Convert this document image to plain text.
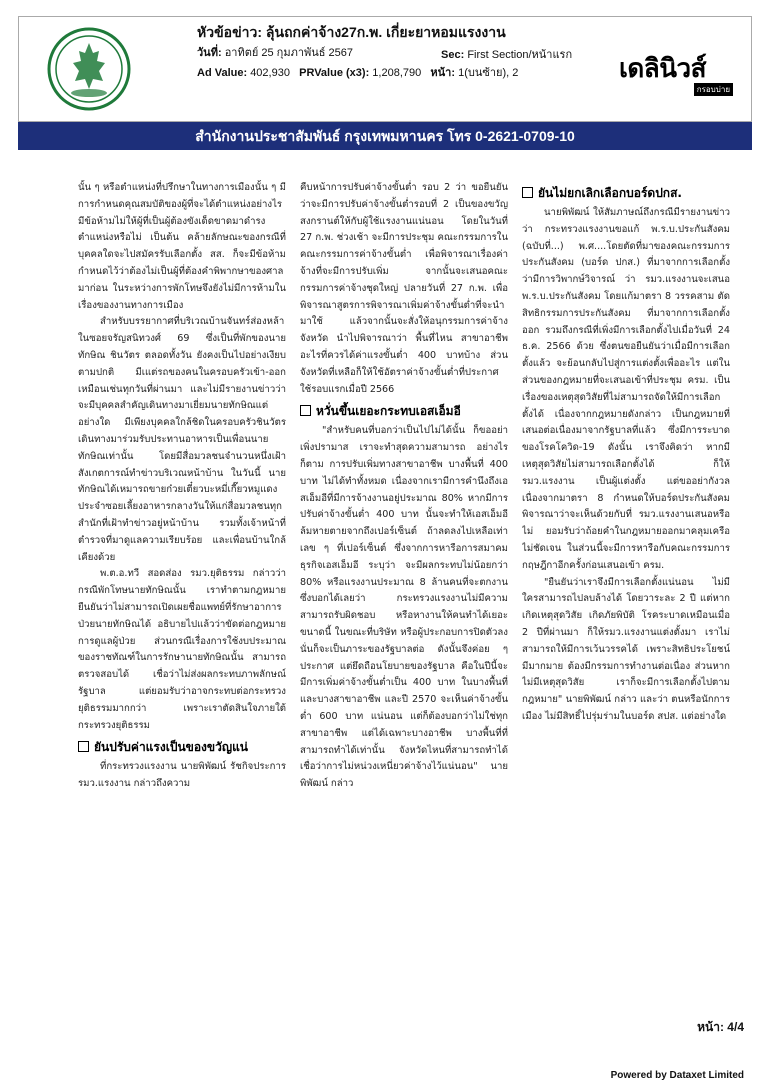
หัวข้อข่าว: ลุ้นถกค่าจ้าง27ก.พ. เกี่ยะยาหอมแรงงาน
วันที่: อาทิตย์ 25 กุมภาพันธ์ 2567	Sec: First Section/หน้าแรก
Ad Value: 402,930 PRValue (x3): 1,208,790 หน้า: 1(บนซ้าย), 2	เดลินิวส์
กรอบบ่าย
สำนักงานประชาสัมพันธ์ กรุงเทพมหานคร โทร 0-2621-0709-10

นั้น ๆ หรือตำแหน่งที่ปรึกษาในทางการเมืองนั้น ๆ มีการกำหนดคุณสมบัติของผู้ที่จะได้ตำแหน่งอย่างไร มีข้อห้ามไม่ให้ผู้ที่เป็นผู้ต้องขังเด็ดขาดมาดำรงตำแหน่งหรือไม่ เป็นต้น คล้ายลักษณะของกรณีที่บุคคลใดจะไปสมัครรับเลือกตั้ง สส. ก็จะมีข้อห้ามกำหนดไว้ว่าต้องไม่เป็นผู้ที่ต้องคำพิพากษาของศาลมาก่อน ในระหว่างการพักโทษจึงยังไม่มีการห้ามในเรื่องของงานทางการเมือง

สำหรับบรรยากาศที่บริเวณบ้านจันทร์ส่องหล้า ในซอยจรัญสนิทวงศ์ 69 ซึ่งเป็นที่พักของนายทักษิณ ชินวัตร ตลอดทั้งวัน ยังคงเป็นไปอย่างเงียบตามปกติ มีเแต่รถของคนในครอบครัวเข้า-ออก เหมือนเช่นทุกวันที่ผ่านมา และไม่มีรายงานข่าวว่า จะมีบุคคลสำคัญเดินทางมาเยี่ยมนายทักษิณแต่อย่างใด มีเพียงบุคคลใกล้ชิดในครอบครัวชินวัตรเดินทางมาร่วมรับประทานอาหารเป็นเพื่อนนายทักษิณเท่านั้น โดยมีสื่อมวลชนจำนวนหนึ่งเฝ้าสังเกตการณ์ทำข่าวบริเวณหน้าบ้าน ในวันนี้ นายทักษิณได้เหมารถขายก๋วยเตี๋ยวบะหมี่เกี๊ยวหมูแดงประจำซอยเลี้ยงอาหารกลางวันให้แก่สื่อมวลชนทุกสำนักที่เฝ้าทำข่าวอยู่หน้าบ้าน รวมทั้งเจ้าหน้าที่ตำรวจที่มาดูแลความเรียบร้อย และเพื่อนบ้านใกล้เคียงด้วย

พ.ต.อ.ทวี สอดส่อง รมว.ยุติธรรม กล่าวว่า กรณีพักโทษนายทักษิณนั้น เราทำตามกฎหมาย ยืนยันว่าไม่สามารถเปิดเผยชื่อแพทย์ที่รักษาอาการป่วยนายทักษิณได้ อธิบายไปแล้วว่าขัดต่อกฎหมายการดูแลผู้ป่วย ส่วนกรณีเรื่องการใช้งบประมาณของราชทัณฑ์ในการรักษานายทักษิณนั้น สามารถตรวจสอบได้ เชื่อว่าไม่ส่งผลกระทบภาพลักษณ์รัฐบาล แต่ยอมรับว่าอาจกระทบต่อกระทรวงยุติธรรมมากกว่า เพราะเราตัดสินใจภายใต้กระทรวงยุติธรรม

ยันปรับค่าแรงเป็นของขวัญแน่

ที่กระทรวงแรงงาน นายพิพัฒน์ รัชกิจประการ รมว.แรงงาน กล่าวถึงความ

คืบหน้าการปรับค่าจ้างขั้นต่ำ รอบ 2 ว่า ขอยืนยันว่าจะมีการปรับค่าจ้างขั้นต่ำรอบที่ 2 เป็นของขวัญสงกรานต์ให้กับผู้ใช้แรงงานแน่นอน โดยในวันที่ 27 ก.พ. ช่วงเช้า จะมีการประชุม คณะกรรมการในคณะกรรมการค่าจ้างขั้นต่ำ เพื่อพิจารณาเรื่องค่าจ้างที่จะมีการปรับเพิ่ม จากนั้นจะเสนอคณะกรรมการค่าจ้างชุดใหญ่ ปลายวันที่ 27 ก.พ. เพื่อพิจารณาสูตรการพิจารณาเพิ่มค่าจ้างขั้นต่ำที่จะนำมาใช้ แล้วจากนั้นจะสั่งให้อนุกรรมการค่าจ้างจังหวัด นำไปพิจารณาว่า พื้นที่ไหน สาขาอาชีพอะไรที่ควรได้ค่าแรงขั้นต่ำ 400 บาทบ้าง ส่วนจังหวัดที่เหลือก็ให้ใช้อัตราค่าจ้างขั้นต่ำที่ประกาศใช้รอบแรกเมื่อปี 2566

หวั่นขึ้นเยอะกระทบเอสเอ็มอี

"สำหรับคนที่บอกว่าเป็นไปไม่ได้นั้น ก็ขออย่าเพิ่งปรามาส เราจะทำสุดความสามารถ อย่างไรก็ตาม การปรับเพิ่มทางสาขาอาชีพ บางพื้นที่ 400 บาท ไม่ได้ทำทั้งหมด เนื่องจากเรามีการคำนึงถึงเอสเอ็มอีที่มีการจ้างงานอยู่ประมาณ 80% หากมีการปรับค่าจ้างขั้นต่ำ 400 บาท นั้นจะทำให้เอสเอ็มอีล้มหายตายจากถึงเปอร์เซ็นต์ ถ้าลดลงไปเหลือเท่าเลข ๆ ที่เปอร์เซ็นต์ ซึ่งจากการหารือการสมาคมธุรกิจเอสเอ็มอี ระบุว่า จะมีผลกระทบไม่น้อยกว่า 80% หรือแรงงานประมาณ 8 ล้านคนที่จะตกงาน ซึ่งบอกได้เลยว่า กระทรวงแรงงานไม่มีความสามารถรับผิดชอบ หรือหางานให้คนทำได้เยอะขนาดนี้ ในขณะที่บริษัท หรือผู้ประกอบการปิดตัวลง นั่นก็จะเป็นภาระของรัฐบาลต่อ ดังนั้นจึงค่อย ๆ ประกาศ แต่ยึดถือนโยบายของรัฐบาล คือในปีนี้จะมีการเพิ่มค่าจ้างขั้นต่ำเป็น 400 บาท ในบางพื้นที่ และบางสาขาอาชีพ และปี 2570 จะเห็นค่าจ้างขั้นต่ำ 600 บาท แน่นอน แต่ก็ต้องบอกว่าไม่ใช่ทุกสาขาอาชีพ แต่ได้เฉพาะบางอาชีพ บางพื้นที่ที่สามารถทำได้เท่านั้น จังหวัดไหนที่สามารถทำได้ เชื่อว่าการไม่หน่วงเหนี่ยวค่าจ้างไว้แน่นอน" นายพิพัฒน์ กล่าว

ยันไม่ยกเลิกเลือกบอร์ดปกส.

นายพิพัฒน์ ให้สัมภาษณ์ถึงกรณีมีรายงานข่าวว่า กระทรวงแรงงานขอแก้ พ.ร.บ.ประกันสังคม (ฉบับที่...) พ.ศ....โดยตัดที่มาของคณะกรรมการประกันสังคม (บอร์ด ปกส.) ที่มาจากการเลือกตั้ง ว่ามีการวิพากษ์วิจารณ์ ว่า รมว.แรงงานจะเสนอ พ.ร.บ.ประกันสังคม โดยแก้มาตรา 8 วรรคสาม ตัดสิทธิกรรมการประกันสังคม ที่มาจากการเลือกตั้งออก รวมถึงกรณีที่เพิ่งมีการเลือกตั้งไปเมื่อวันที่ 24 ธ.ค. 2566 ด้วย ซึ่งตนขอยืนยันว่าเมื่อมีการเลือกตั้งแล้ว จะย้อนกลับไปสู่การแต่งตั้งเพื่ออะไร แต่ในส่วนของกฎหมายที่จะเสนอเข้าที่ประชุม ครม. เป็นเรื่องของเหตุสุดวิสัยที่ไม่สามารถจัดให้มีการเลือกตั้งได้ เนื่องจากกฎหมายดังกล่าว เป็นกฎหมายที่เสนอต่อเนื่องมาจากรัฐบาลที่แล้ว ซึ่งมีการระบาดของโรคโควิด-19 ดังนั้น เราจึงคิดว่า หากมีเหตุสุดวิสัยไม่สามารถเลือกตั้งได้ ก็ให้ รมว.แรงงาน เป็นผู้แต่งตั้ง แต่ขออย่ากังวล เนื่องจากมาตรา 8 กำหนดให้บอร์ดประกันสังคมพิจารณาว่าจะเห็นด้วยกับที่ รมว.แรงงานเสนอหรือไม่ ยอมรับว่าถ้อยคำในกฎหมายออกมาคลุมเครือไม่ชัดเจน ในส่วนนี้จะมีการหารือกับคณะกรรมการกฤษฎีกาอีกครั้งก่อนเสนอเข้า ครม.

"ยืนยันว่าเราจึงมีการเลือกตั้งแน่นอน ไม่มีใครสามารถไปลบล้างได้ โดยวาระละ 2 ปี แต่หากเกิดเหตุสุดวิสัย เกิดภัยพิบัติ โรคระบาดเหมือนเมื่อ 2 ปีที่ผ่านมา ก็ให้รมว.แรงงานแต่งตั้งมา เราไม่สามารถให้มีการเว้นวรรคได้ เพราะสิทธิประโยชน์มีมากมาย ต้องมีกรรมการทำงานต่อเนื่อง ส่วนหากไม่มีเหตุสุดวิสัย เราก็จะมีการเลือกตั้งไปตามกฎหมาย" นายพิพัฒน์ กล่าว และว่า ตนหรือนักการเมือง ไม่มีสิทธิ์ไปรุ่มร่ามในบอร์ด สปส. แต่อย่างใด

หน้า: 4/4
Powered by Dataxet Limited
